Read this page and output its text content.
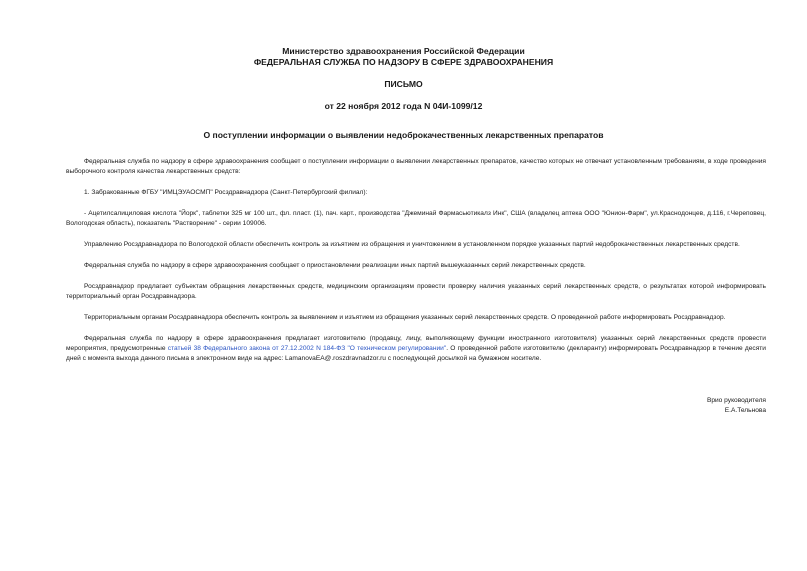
Министерство здравоохранения Российской Федерации
ФЕДЕРАЛЬНАЯ СЛУЖБА ПО НАДЗОРУ В СФЕРЕ ЗДРАВООХРАНЕНИЯ
ПИСЬМО
от 22 ноября 2012 года N 04И-1099/12
О поступлении информации о выявлении недоброкачественных лекарственных препаратов

Федеральная служба по надзору в сфере здравоохранения сообщает о поступлении информации о выявлении лекарственных препаратов, качество которых не отвечает установленным требованиям, в ходе проведения выборочного контроля качества лекарственных средств:

1. Забракованные ФГБУ "ИМЦЭУАОСМП" Росздравнадзора (Санкт-Петербургский филиал):

- Ацетилсалициловая кислота "Йорк", таблетки 325 мг 100 шт., фл. пласт. (1), пач. карт., производства "Джеминай Фармасьютикалз Инк", США (владелец аптека ООО "Юнион-Фарм", ул.Краснодонцев, д.116, г.Череповец, Вологодская область), показатель "Растворение" - серии 109006.

Управлению Росздравнадзора по Вологодской области обеспечить контроль за изъятием из обращения и уничтожением в установленном порядке указанных партий недоброкачественных лекарственных средств.

Федеральная служба по надзору в сфере здравоохранения сообщает о приостановлении реализации иных партий вышеуказанных серий лекарственных средств.

Росздравнадзор предлагает субъектам обращения лекарственных средств, медицинским организациям провести проверку наличия указанных серий лекарственных средств, о результатах которой информировать территориальный орган Росздравнадзора.

Территориальным органам Росздравнадзора обеспечить контроль за выявлением и изъятием из обращения указанных серий лекарственных средств. О проведенной работе информировать Росздравнадзор.

Федеральная служба по надзору в сфере здравоохранения предлагает изготовителю (продавцу, лицу, выполняющему функции иностранного изготовителя) указанных серий лекарственных средств провести мероприятия, предусмотренные статьей 38 Федерального закона от 27.12.2002 N 184-ФЗ "О техническом регулировании". О проведенной работе изготовителю (декларанту) информировать Росздравнадзор в течение десяти дней с момента выхода данного письма в электронном виде на адрес: LamanovaEA@.roszdravnadzor.ru с последующей досылкой на бумажном носителе.

Врио руководителя
Е.А.Тельнова
